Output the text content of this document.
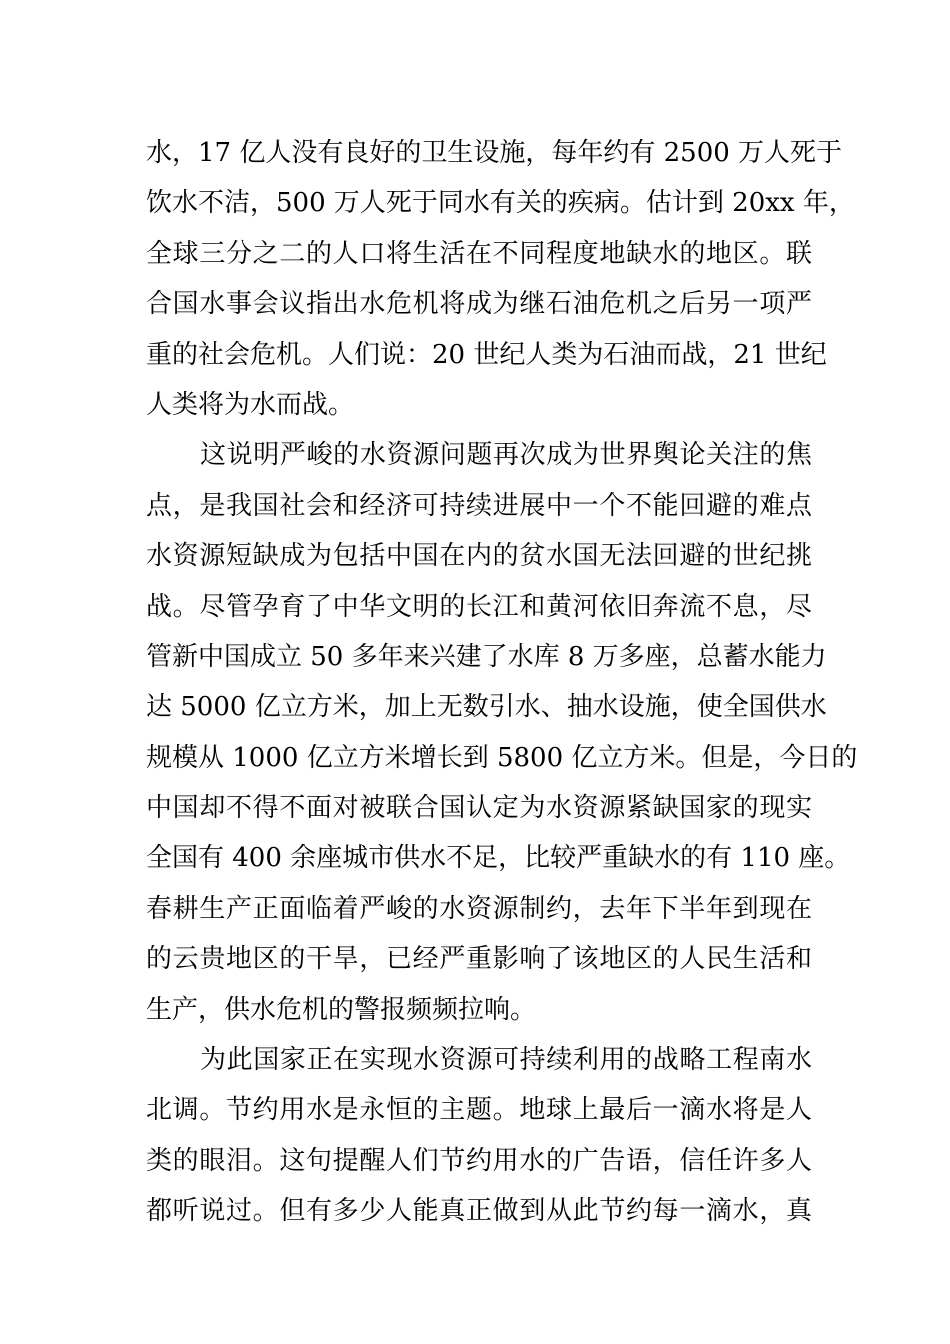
水，17 亿人没有良好的卫生设施，每年约有 2500 万人死于
饮水不洁，500 万人死于同水有关的疾病。估计到 20xx 年，
全球三分之二的人口将生活在不同程度地缺水的地区。联
合国水事会议指出水危机将成为继石油危机之后另一项严
重的社会危机。人们说：20 世纪人类为石油而战，21 世纪
人类将为水而战。
这说明严峻的水资源问题再次成为世界舆论关注的焦
点，是我国社会和经济可持续进展中一个不能回避的难点
水资源短缺成为包括中国在内的贫水国无法回避的世纪挑
战。尽管孕育了中华文明的长江和黄河依旧奔流不息，尽
管新中国成立 50 多年来兴建了水库 8 万多座，总蓄水能力
达 5000 亿立方米，加上无数引水、抽水设施，使全国供水
规模从 1000 亿立方米增长到 5800 亿立方米。但是，今日的
中国却不得不面对被联合国认定为水资源紧缺国家的现实
全国有 400 余座城市供水不足，比较严重缺水的有 110 座。
春耕生产正面临着严峻的水资源制约，去年下半年到现在
的云贵地区的干旱，已经严重影响了该地区的人民生活和
生产，供水危机的警报频频拉响。
为此国家正在实现水资源可持续利用的战略工程南水
北调。节约用水是永恒的主题。地球上最后一滴水将是人
类的眼泪。这句提醒人们节约用水的广告语，信任许多人
都听说过。但有多少人能真正做到从此节约每一滴水，真
